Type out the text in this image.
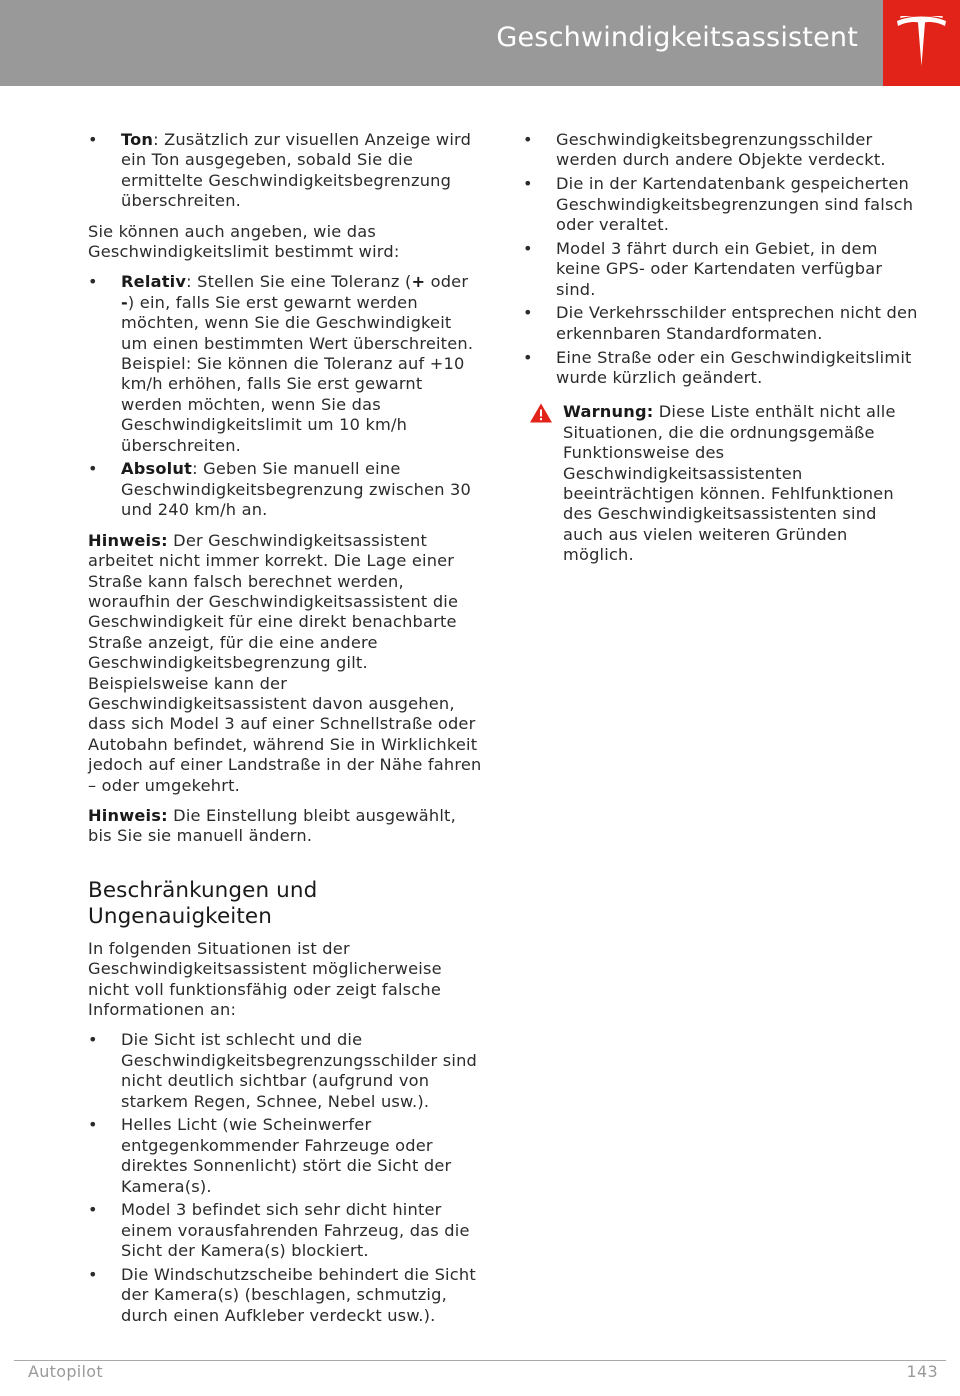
Geschwindigkeitsassistent
• Ton: Zusätzlich zur visuellen Anzeige wird ein Ton ausgegeben, sobald Sie die ermittelte Geschwindigkeitsbegrenzung überschreiten.

Sie können auch angeben, wie das Geschwindigkeitslimit bestimmt wird:

• Relativ: Stellen Sie eine Toleranz (+ oder -) ein, falls Sie erst gewarnt werden möchten, wenn Sie die Geschwindigkeit um einen bestimmten Wert überschreiten. Beispiel: Sie können die Toleranz auf +10 km/h erhöhen, falls Sie erst gewarnt werden möchten, wenn Sie das Geschwindigkeitslimit um 10 km/h überschreiten.
• Absolut: Geben Sie manuell eine Geschwindigkeitsbegrenzung zwischen 30 und 240 km/h an.

Hinweis: Der Geschwindigkeitsassistent arbeitet nicht immer korrekt. Die Lage einer Straße kann falsch berechnet werden, woraufhin der Geschwindigkeitsassistent die Geschwindigkeit für eine direkt benachbarte Straße anzeigt, für die eine andere Geschwindigkeitsbegrenzung gilt. Beispielsweise kann der Geschwindigkeitsassistent davon ausgehen, dass sich Model 3 auf einer Schnellstraße oder Autobahn befindet, während Sie in Wirklichkeit jedoch auf einer Landstraße in der Nähe fahren – oder umgekehrt.

Hinweis: Die Einstellung bleibt ausgewählt, bis Sie sie manuell ändern.

Beschränkungen und Ungenauigkeiten

In folgenden Situationen ist der Geschwindigkeitsassistent möglicherweise nicht voll funktionsfähig oder zeigt falsche Informationen an:

• Die Sicht ist schlecht und die Geschwindigkeitsbegrenzungsschilder sind nicht deutlich sichtbar (aufgrund von starkem Regen, Schnee, Nebel usw.).
• Helles Licht (wie Scheinwerfer entgegenkommender Fahrzeuge oder direktes Sonnenlicht) stört die Sicht der Kamera(s).
• Model 3 befindet sich sehr dicht hinter einem vorausfahrenden Fahrzeug, das die Sicht der Kamera(s) blockiert.
• Die Windschutzscheibe behindert die Sicht der Kamera(s) (beschlagen, schmutzig, durch einen Aufkleber verdeckt usw.).
• Geschwindigkeitsbegrenzungsschilder werden durch andere Objekte verdeckt.
• Die in der Kartendatenbank gespeicherten Geschwindigkeitsbegrenzungen sind falsch oder veraltet.
• Model 3 fährt durch ein Gebiet, in dem keine GPS- oder Kartendaten verfügbar sind.
• Die Verkehrsschilder entsprechen nicht den erkennbaren Standardformaten.
• Eine Straße oder ein Geschwindigkeitslimit wurde kürzlich geändert.

Warnung: Diese Liste enthält nicht alle Situationen, die die ordnungsgemäße Funktionsweise des Geschwindigkeitsassistenten beeinträchtigen können. Fehlfunktionen des Geschwindigkeitsassistenten sind auch aus vielen weiteren Gründen möglich.

Autopilot	143
